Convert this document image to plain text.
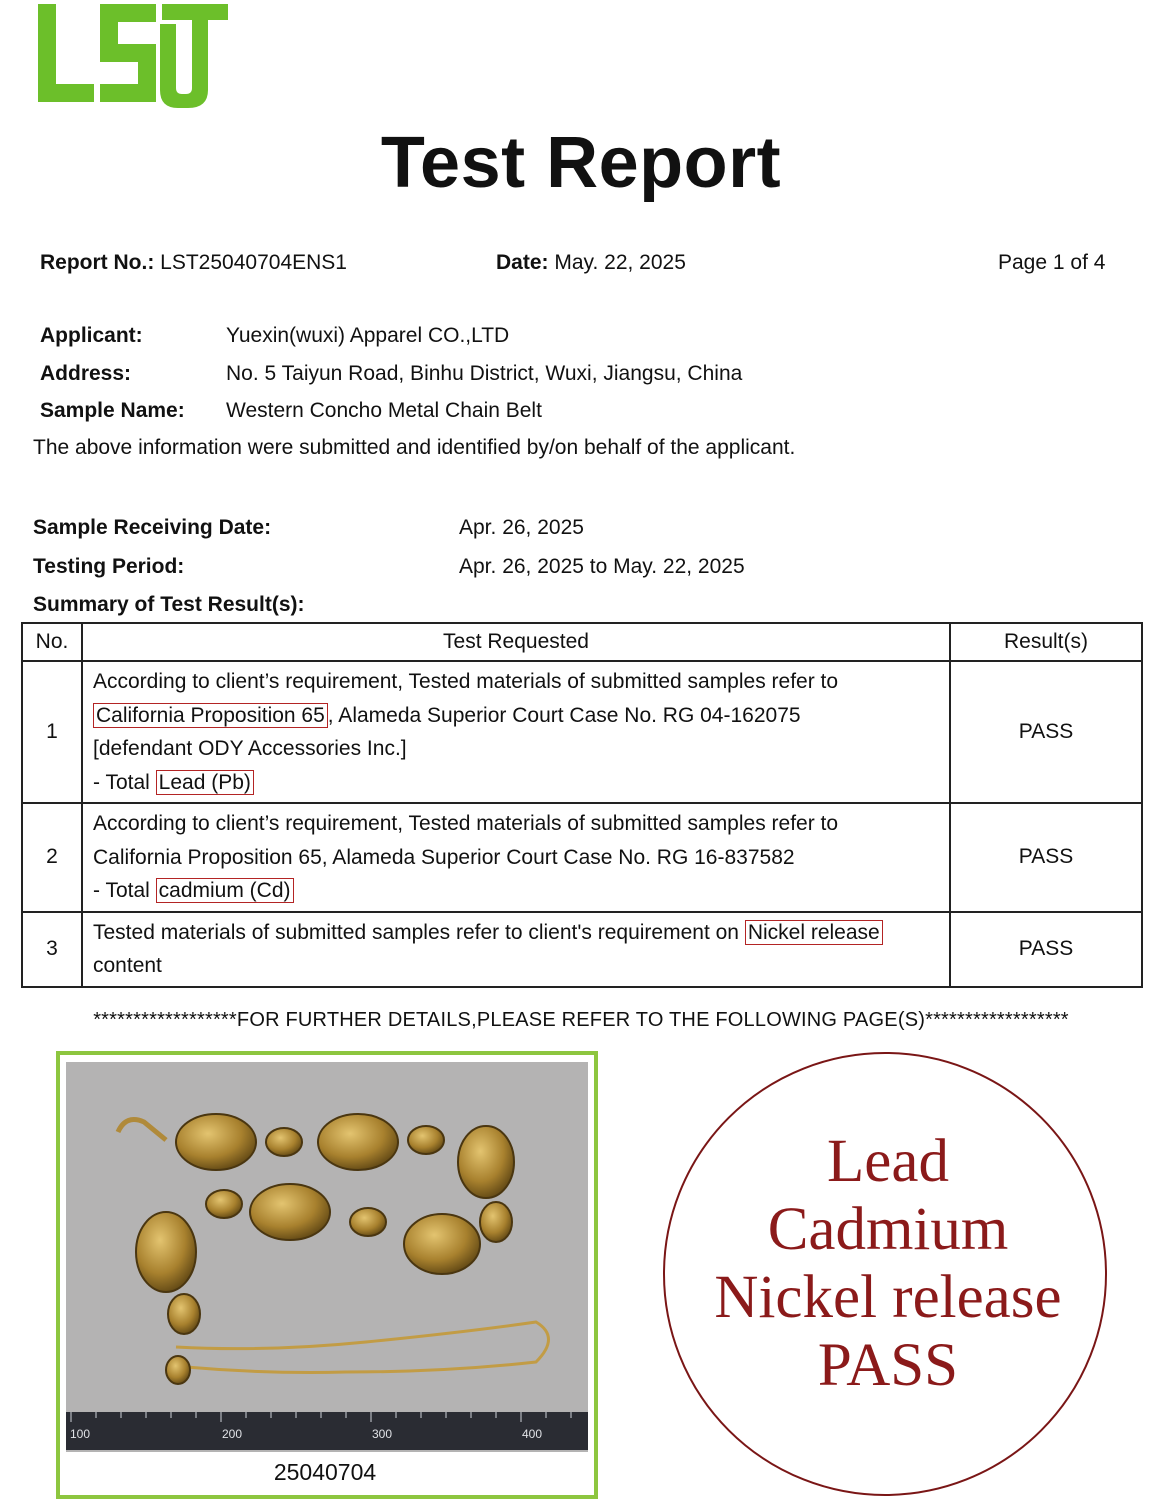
Test Report
Report No.: LST25040704ENS1	Date: May. 22, 2025	Page 1 of 4
Applicant:	Yuexin(wuxi) Apparel CO.,LTD
Address:	No. 5 Taiyun Road, Binhu District, Wuxi, Jiangsu, China
Sample Name: Western Concho Metal Chain Belt
The above information were submitted and identified by/on behalf of the applicant.
Sample Receiving Date:	Apr. 26, 2025
Testing Period:	Apr. 26, 2025 to May. 22, 2025
Summary of Test Result(s):
No.	Test Requested	Result(s)
1	According to client’s requirement, Tested materials of submitted samples refer to
California Proposition 65 , Alameda Superior Court Case No. RG 04-162075
[defendant ODY Accessories Inc.]
- Total Lead (Pb)	PASS
2	According to client’s requirement, Tested materials of submitted samples refer to
California Proposition 65, Alameda Superior Court Case No. RG 16-837582
- Total cadmium (Cd)	PASS
3	Tested materials of submitted samples refer to client's requirement on Nickel release
content	PASS
******************FOR FURTHER DETAILS,PLEASE REFER TO THE FOLLOWING PAGE(S)******************
100	200	300	400
25040704
Lead
Cadmium
Nickel release
PASS
